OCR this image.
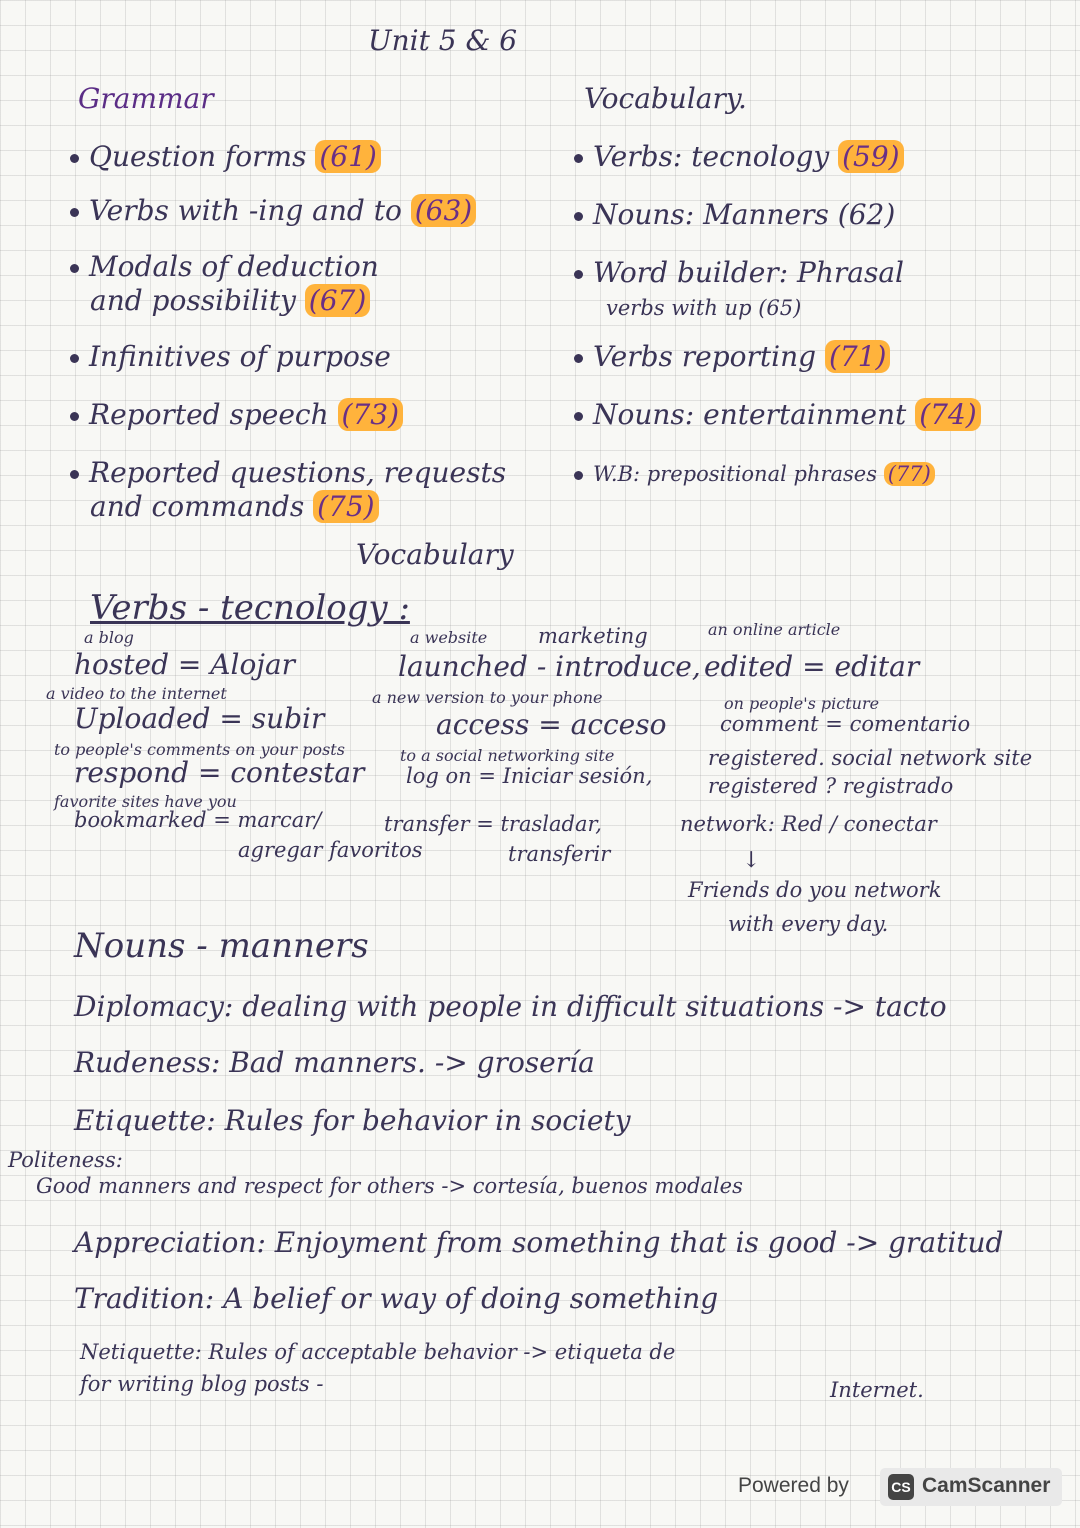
Unit 5 & 6
Grammar
Question forms (61)
Verbs with -ing and to (63)
Modals of deduction
and possibility (67)
Infinitives of purpose
Reported speech (73)
Reported questions, requests
and commands (75)
Vocabulary.
Verbs: tecnology (59)
Nouns: Manners (62)
Word builder: Phrasal
verbs with up (65)
Verbs reporting (71)
Nouns: entertainment (74)
W.B: prepositional phrases (77)
Vocabulary
Verbs - tecnology :
a blog
hosted = Alojar
a video to the internet
Uploaded = subir
to people's comments on your posts
respond = contestar
favorite sites have you
bookmarked = marcar/
agregar favoritos
a website marketing
launched - introduce,
a new version to your phone
access = acceso
to a social networking site
log on = Iniciar sesión,
transfer = trasladar,
transferir
an online article
edited = editar
on people's picture
comment = comentario
registered. social network site
registered ? registrado
network: Red / conectar
↓
Friends do you network
with every day.
Nouns - manners
Diplomacy: dealing with people in difficult situations -> tacto
Rudeness: Bad manners. -> grosería
Etiquette: Rules for behavior in society
Politeness:
Good manners and respect for others -> cortesía, buenos modales
Appreciation: Enjoyment from something that is good -> gratitud
Tradition: A belief or way of doing something
Netiquette: Rules of acceptable behavior -> etiqueta de
for writing blog posts -	Internet.
Powered by	CS CamScanner
